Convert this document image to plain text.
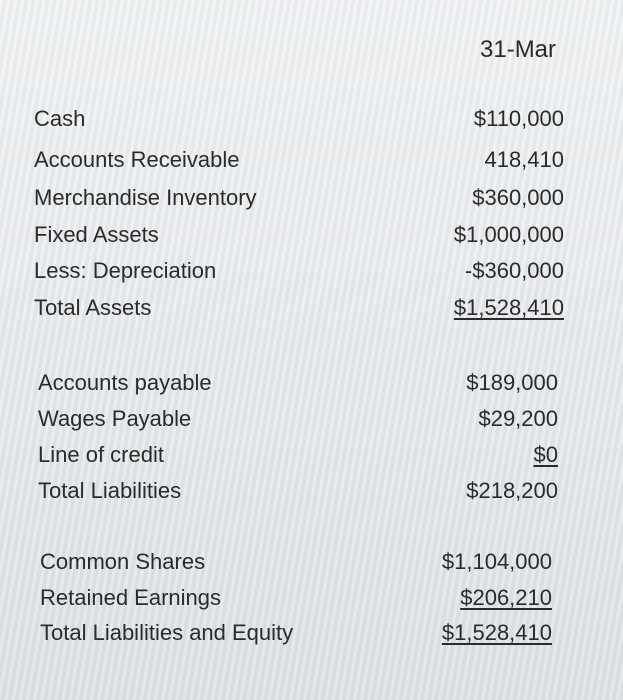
31-Mar
Cash	$110,000
Accounts Receivable	418,410
Merchandise Inventory	$360,000
Fixed Assets	$1,000,000
Less: Depreciation	-$360,000
Total Assets	$1,528,410
Accounts payable	$189,000
Wages Payable	$29,200
Line of credit	$0
Total Liabilities	$218,200
Common Shares	$1,104,000
Retained Earnings	$206,210
Total Liabilities and Equity	$1,528,410
